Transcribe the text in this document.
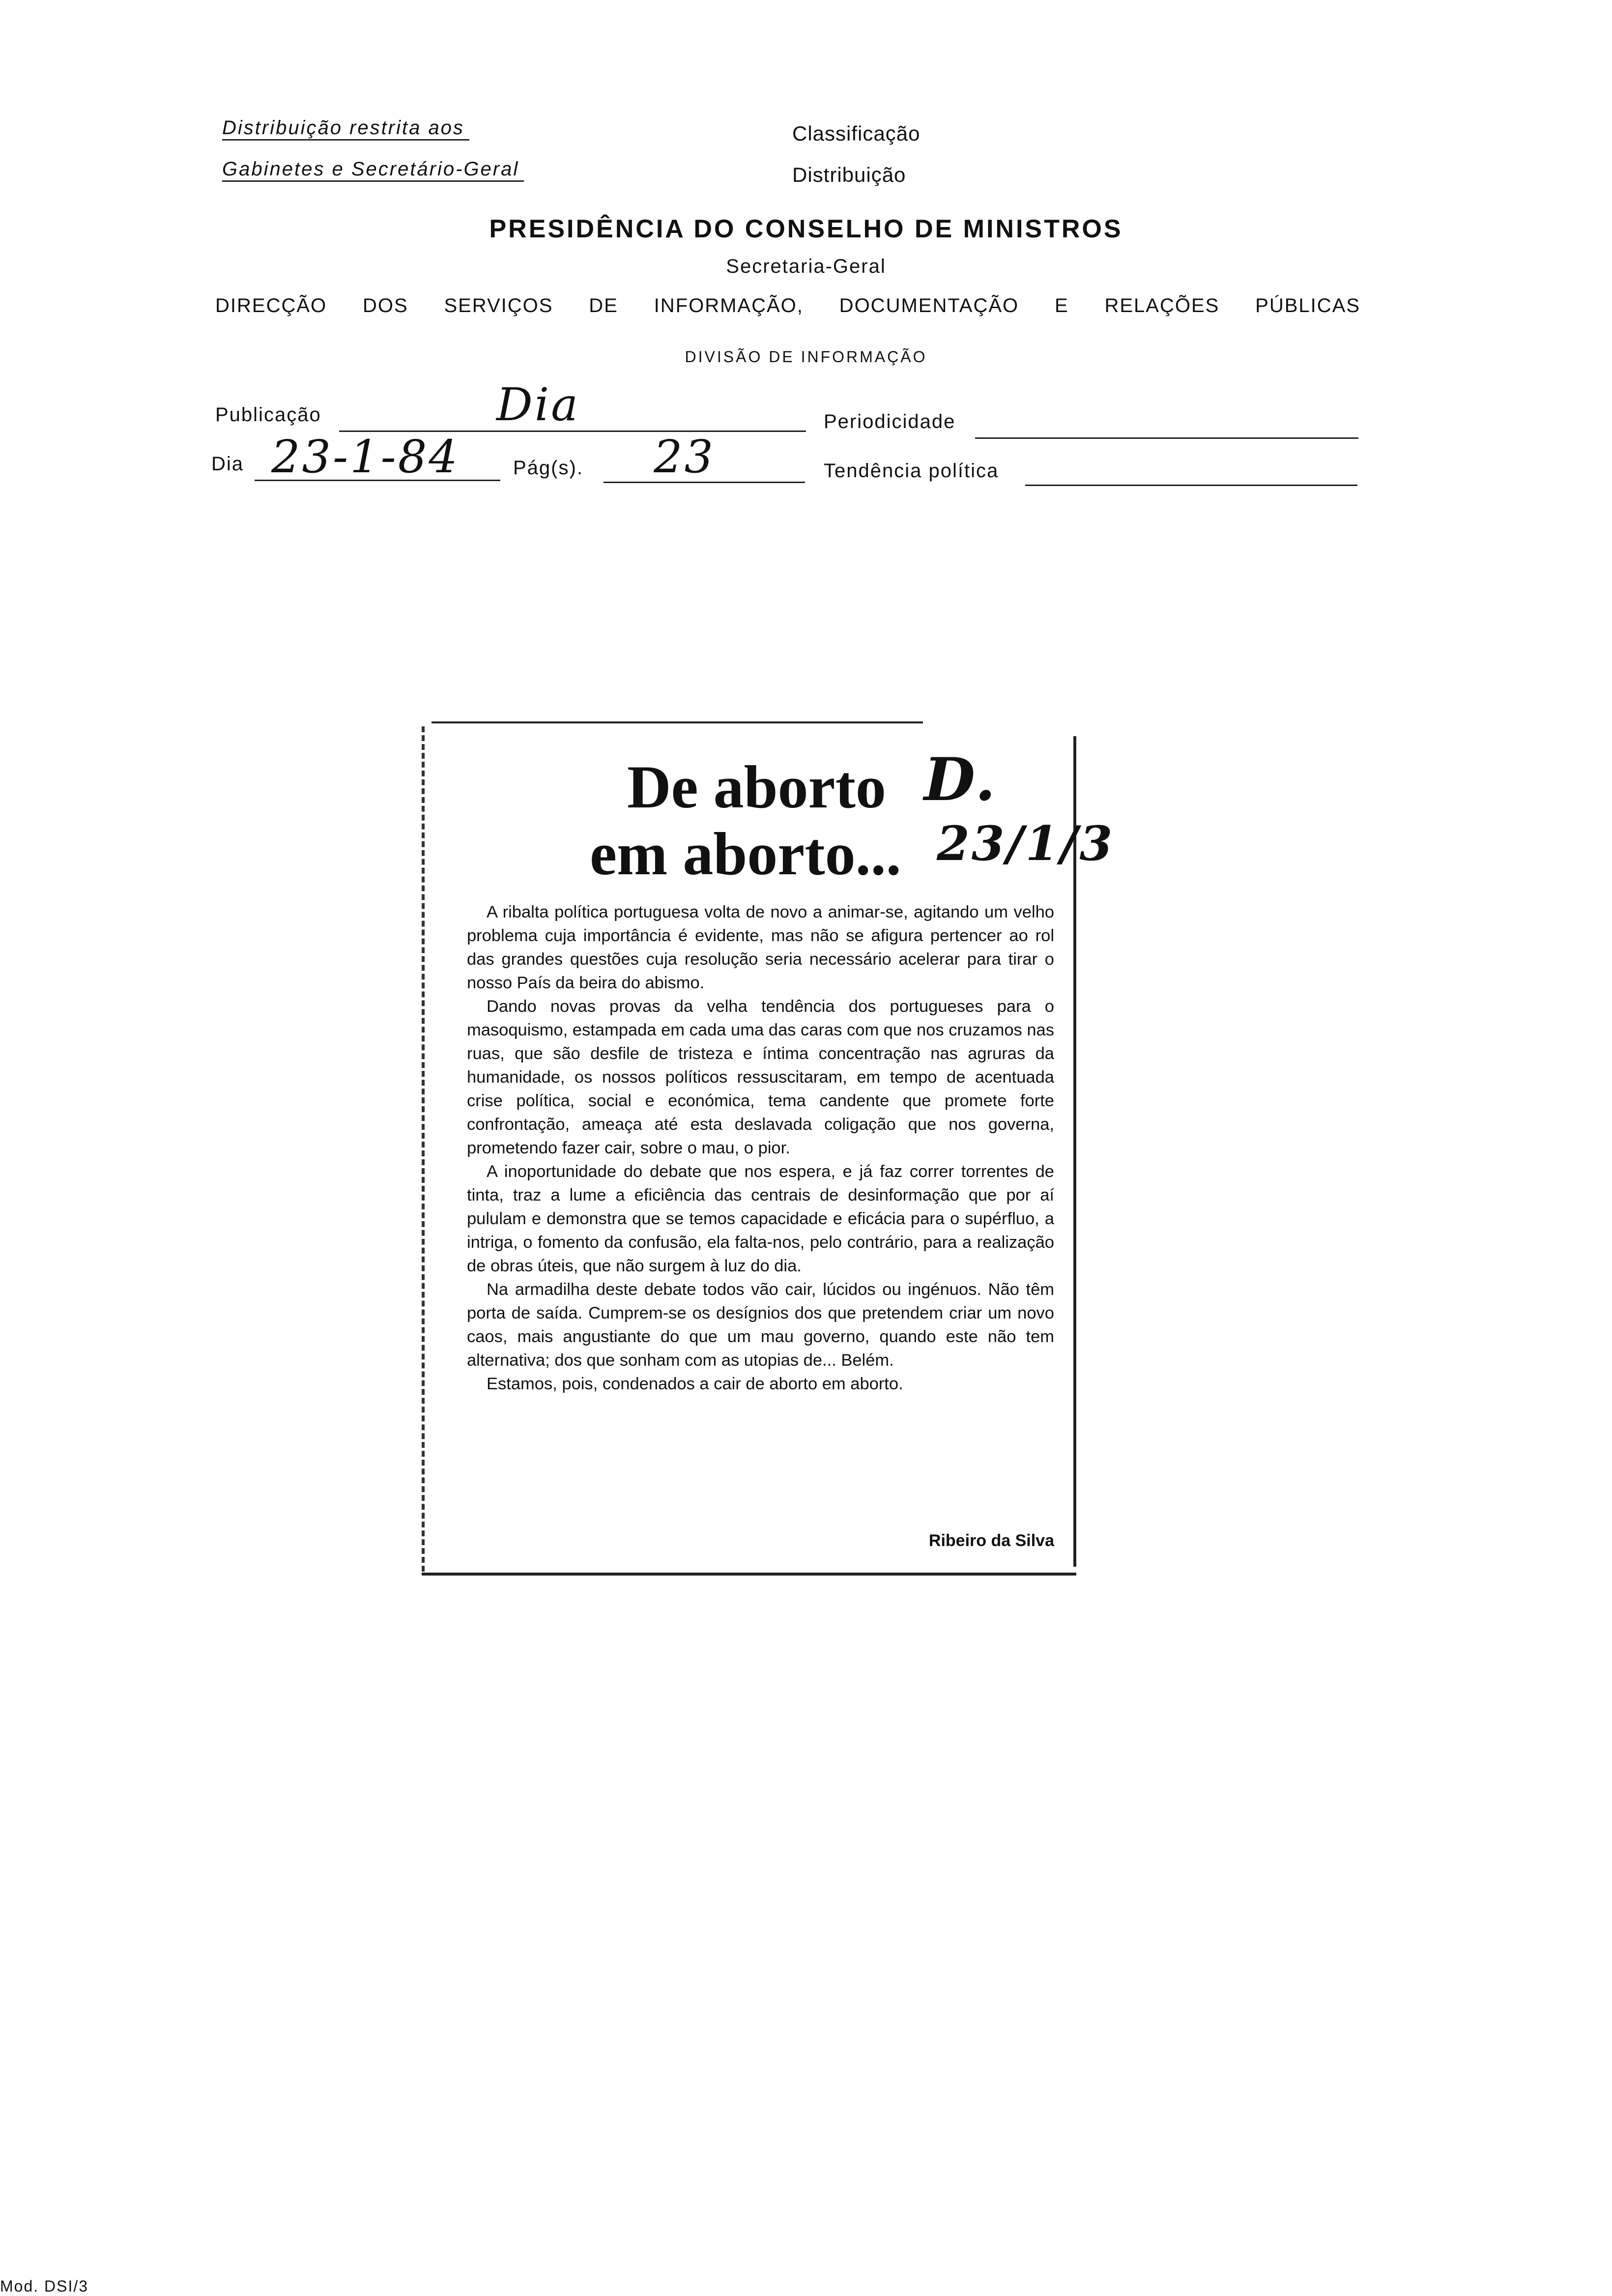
Distribuição restrita aos
Gabinetes e Secretário-Geral
Classificação
Distribuição
PRESIDÊNCIA DO CONSELHO DE MINISTROS
Secretaria-Geral
DIRECÇÃO DOS SERVIÇOS DE INFORMAÇÃO, DOCUMENTAÇÃO E RELAÇÕES PÚBLICAS
DIVISÃO DE INFORMAÇÃO
Publicação	Dia	Periodicidade
Dia 23-1-84	Pág(s). 23	Tendência política
De aborto
em aborto...
D.
23/1/3

A ribalta política portuguesa volta de novo a animar-se, agitando um velho problema cuja importância é evidente, mas não se afigura pertencer ao rol das grandes questões cuja resolução seria necessário acelerar para tirar o nosso País da beira do abismo.

Dando novas provas da velha tendência dos portugueses para o masoquismo, estampada em cada uma das caras com que nos cruzamos nas ruas, que são desfile de tristeza e íntima concentração nas agruras da humanidade, os nossos políticos ressuscitaram, em tempo de acentuada crise política, social e económica, tema candente que promete forte confrontação, ameaça até esta deslavada coligação que nos governa, prometendo fazer cair, sobre o mau, o pior.

A inoportunidade do debate que nos espera, e já faz correr torrentes de tinta, traz a lume a eficiência das centrais de desinformação que por aí pululam e demonstra que se temos capacidade e eficácia para o supérfluo, a intriga, o fomento da confusão, ela falta-nos, pelo contrário, para a realização de obras úteis, que não surgem à luz do dia.

Na armadilha deste debate todos vão cair, lúcidos ou ingénuos. Não têm porta de saída. Cumprem-se os desígnios dos que pretendem criar um novo caos, mais angustiante do que um mau governo, quando este não tem alternativa; dos que sonham com as utopias de... Belém.

Estamos, pois, condenados a cair de aborto em aborto.

Ribeiro da Silva
Mod. DSI/3
